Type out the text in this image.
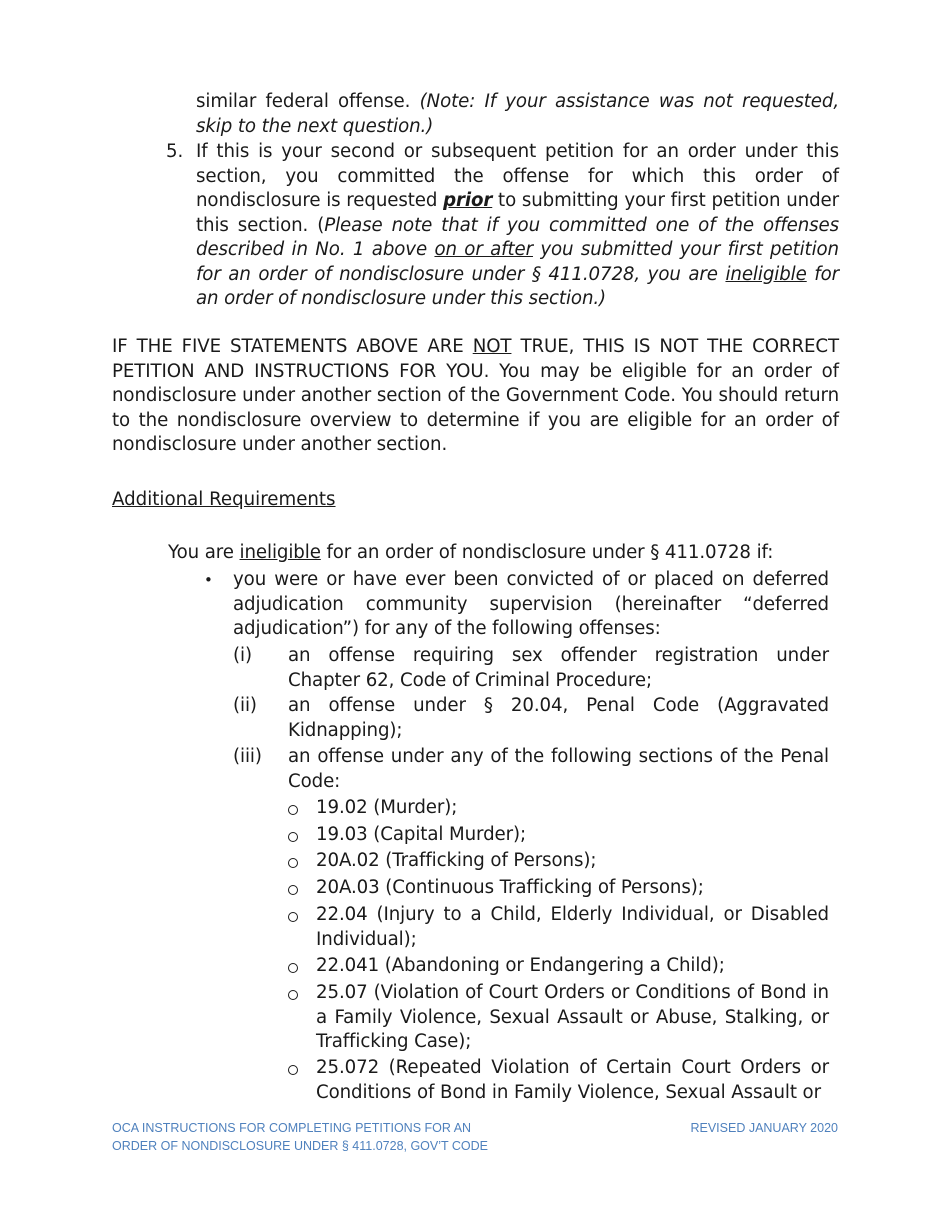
similar federal offense. (Note: If your assistance was not requested, skip to the next question.)

5. If this is your second or subsequent petition for an order under this section, you committed the offense for which this order of nondisclosure is requested prior to submitting your first petition under this section. (Please note that if you committed one of the offenses described in No. 1 above on or after you submitted your first petition for an order of nondisclosure under § 411.0728, you are ineligible for an order of nondisclosure under this section.)

IF THE FIVE STATEMENTS ABOVE ARE NOT TRUE, THIS IS NOT THE CORRECT PETITION AND INSTRUCTIONS FOR YOU. You may be eligible for an order of nondisclosure under another section of the Government Code. You should return to the nondisclosure overview to determine if you are eligible for an order of nondisclosure under another section.

Additional Requirements

You are ineligible for an order of nondisclosure under § 411.0728 if:

• you were or have ever been convicted of or placed on deferred adjudication community supervision (hereinafter “deferred adjudication”) for any of the following offenses:

(i) an offense requiring sex offender registration under Chapter 62, Code of Criminal Procedure;

(ii) an offense under § 20.04, Penal Code (Aggravated Kidnapping);

(iii) an offense under any of the following sections of the Penal Code:

19.02 (Murder);

19.03 (Capital Murder);

20A.02 (Trafficking of Persons);

20A.03 (Continuous Trafficking of Persons);

22.04 (Injury to a Child, Elderly Individual, or Disabled Individual);

22.041 (Abandoning or Endangering a Child);

25.07 (Violation of Court Orders or Conditions of Bond in a Family Violence, Sexual Assault or Abuse, Stalking, or Trafficking Case);

25.072 (Repeated Violation of Certain Court Orders or Conditions of Bond in Family Violence, Sexual Assault or

OCA INSTRUCTIONS FOR COMPLETING PETITIONS FOR AN
ORDER OF NONDISCLOSURE UNDER § 411.0728, GOV’T CODE
REVISED JANUARY 2020
